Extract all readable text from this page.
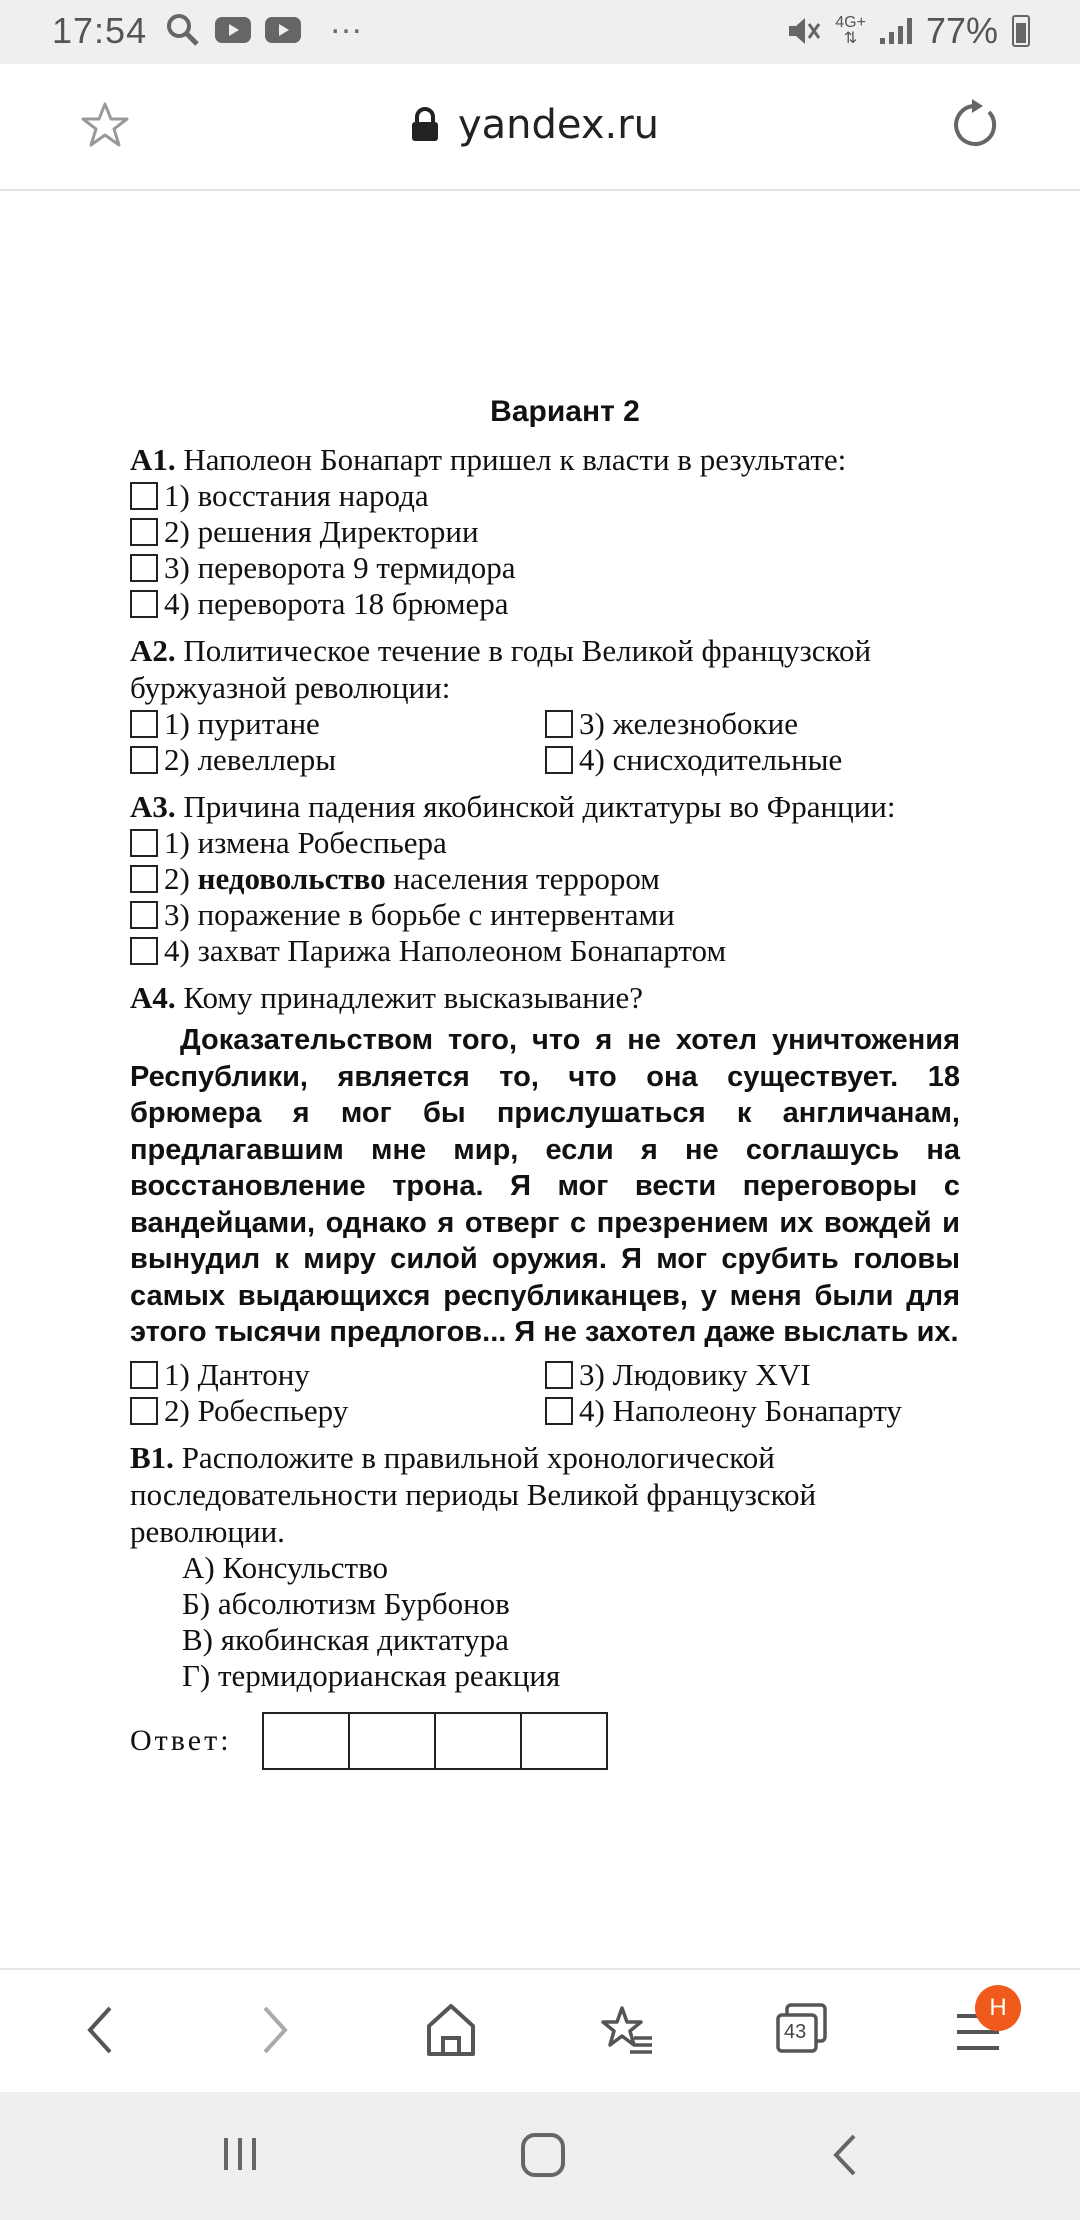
17:54	…	4G+
⇅ 77%
yandex.ru
Вариант 2
А1. Наполеон Бонапарт пришел к власти в результате:
1) восстания народа
2) решения Директории
3) переворота 9 термидора
4) переворота 18 брюмера
А2. Политическое течение в годы Великой французской буржуазной революции:
1) пуритане	3) железнобокие
2) левеллеры	4) снисходительные
А3. Причина падения якобинской диктатуры во Франции:
1) измена Робеспьера
2) недовольство населения террором
3) поражение в борьбе с интервентами
4) захват Парижа Наполеоном Бонапартом
А4. Кому принадлежит высказывание?
Доказательством того, что я не хотел уничтожения Республики, является то, что она существует. 18 брюмера я мог бы прислушаться к англичанам, предлагавшим мне мир, если я не соглашусь на восстановление трона. Я мог вести переговоры с вандейцами, однако я отверг с презрением их вождей и вынудил к миру силой оружия. Я мог срубить головы самых выдающихся республиканцев, у меня были для этого тысячи предлогов... Я не захотел даже выслать их.
1) Дантону	3) Людовику XVI
2) Робеспьеру	4) Наполеону Бонапарту
В1. Расположите в правильной хронологической последовательности периоды Великой французской революции.
А) Консульство
Б) абсолютизм Бурбонов
В) якобинская диктатура
Г) термидорианская реакция
Ответ:
43
Н
